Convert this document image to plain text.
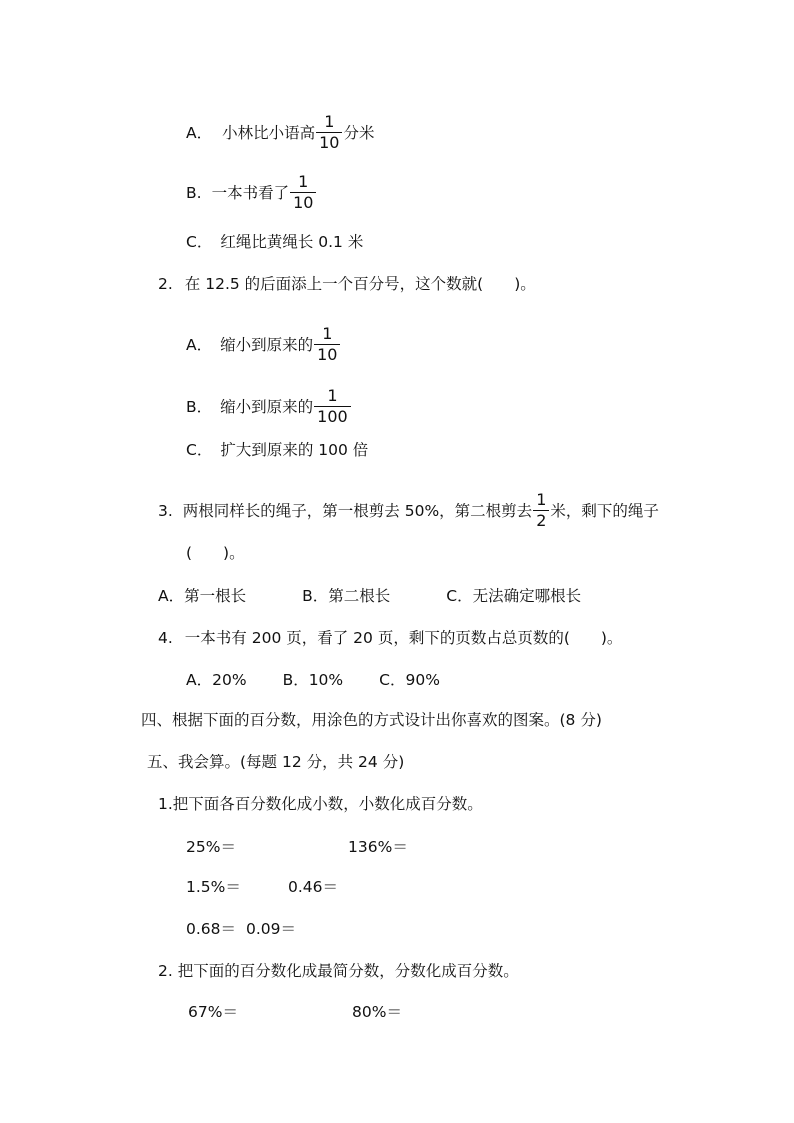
A． 小林比小语高 $\frac{1}{10}$ 分米
B. 一本书看了 $\frac{1}{10}$
C． 红绳比黄绳长 0.1 米
2. 在 12.5 的后面添上一个百分号，这个数就(　　)。
A． 缩小到原来的 $\frac{1}{10}$
B． 缩小到原来的 $\frac{1}{100}$
C． 扩大到原来的 100 倍
3. 两根同样长的绳子，第一根剪去 50%，第二根剪去 $\frac{1}{2}$ 米，剩下的绳子
(　　)。
A．第一根长	B．第二根长	C．无法确定哪根长
4. 一本书有 200 页，看了 20 页，剩下的页数占总页数的(　　)。
A．20% B．10% C．90%
四、根据下面的百分数，用涂色的方式设计出你喜欢的图案。(8 分)
五、我会算。(每题 12 分，共 24 分)
1.把下面各百分数化成小数，小数化成百分数。
25%＝	136%＝
1.5%＝	0.46＝
0.68＝ 0.09＝
2. 把下面的百分数化成最简分数，分数化成百分数。
67%＝	80%＝
